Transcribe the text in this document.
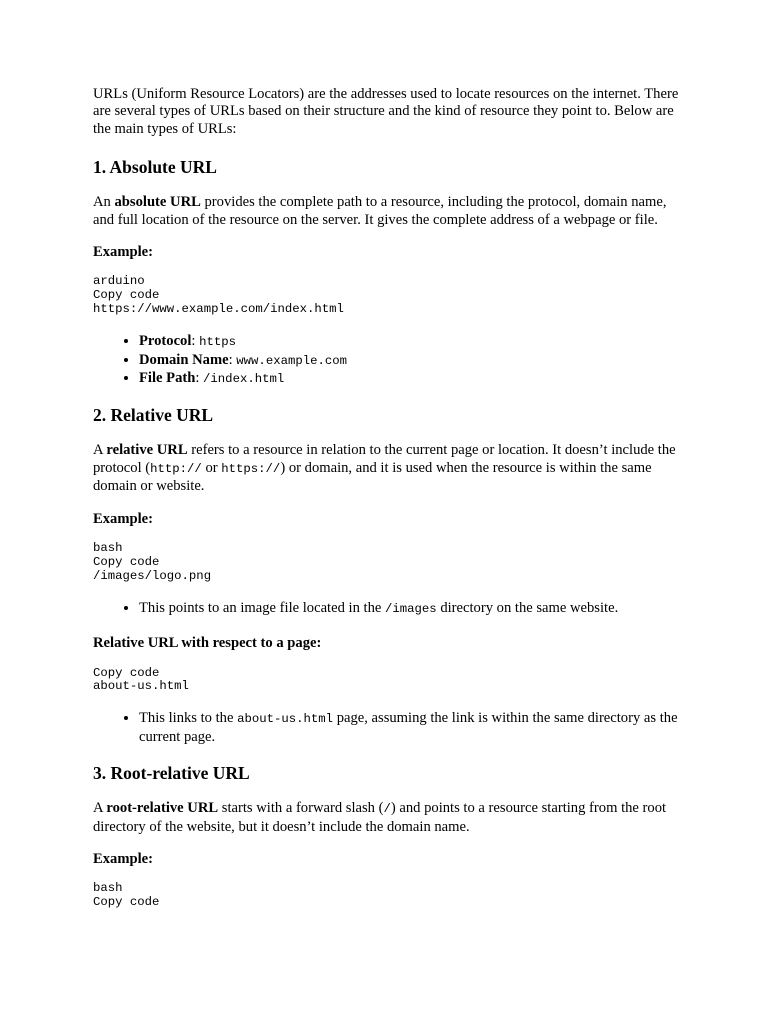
URLs (Uniform Resource Locators) are the addresses used to locate resources on the internet. There are several types of URLs based on their structure and the kind of resource they point to. Below are the main types of URLs:

1. Absolute URL

An absolute URL provides the complete path to a resource, including the protocol, domain name, and full location of the resource on the server. It gives the complete address of a webpage or file.

Example:
arduino
Copy code
https://www.example.com/index.html
• Protocol: https
• Domain Name: www.example.com
• File Path: /index.html
2. Relative URL

A relative URL refers to a resource in relation to the current page or location. It doesn’t include the protocol (http:// or https://) or domain, and it is used when the resource is within the same domain or website.

Example:
bash
Copy code
/images/logo.png
• This points to an image file located in the /images directory on the same website.
Relative URL with respect to a page:
Copy code
about-us.html
• This links to the about-us.html page, assuming the link is within the same directory as the current page.
3. Root-relative URL

A root-relative URL starts with a forward slash (/) and points to a resource starting from the root directory of the website, but it doesn’t include the domain name.

Example:
bash
Copy code
